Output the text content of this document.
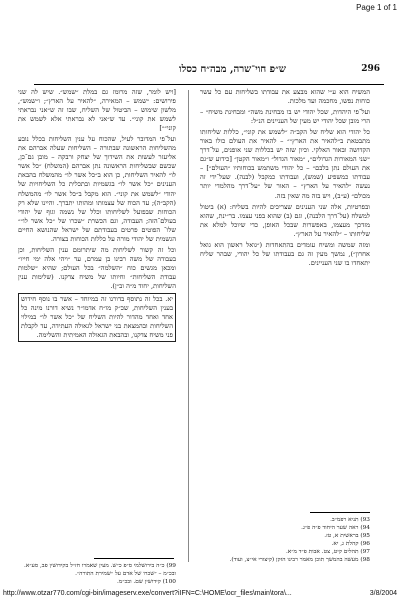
Page 1 of 1
296
ש״פ חוי־שרה, מבה״ח כסלו

המשיח הוא ע״י שהוא מבצע את עבודתו בשליחות עם כל עשר כוחות נפשו, מחכמה ועד מלכות.

ועל־פי היהדות, שכל יהודי יש בו מבחינת משה״ ומבחינת משיח״ – הרי מובן שכל יהודי יש מעין של העניינים הנ״ל:

כל יהודי הוא שליח של הקב״ה ״לשמש את קוני״, כללות שליחותו מתבטאת ב״להאיר את הארץ״״ – להאיר את העולם כולו באור הקדושה ובאור האלקי. וכיון שזה יש בכללות שני אופנים, על־דרך ״שני המאורות הגדולים״, ״מאור הגדול״ ו״מאור הקטן״ [כידוע ש״גם את העולם נתן בלבם״ – כל יהודי משתמש בכוחותיו ״העולם״] – עבודתו כמשפיע (שמש), ועבודתו כמקבל (לבנה). שעל־ידי זה נעשה ״להאיר על הארץ״ – האור של ״על־דרך מהלמדי יותר מכולם״ (ע״ב), ויש בזה מה שאין בזה.

ובפרטיות, אלה שני הענינים שצריכים להיות בשליח: (א) ביטול למשלח (על־דרך הלבנה), וגם (ב) שהוא בפני עצמו. בר״ינת, שהוא מזדכך מעצמו, באפשרות שבכל האופן, כדי שיוכל למלא את שליחותו – ״להאיר על הארץ״.

ומזה שמשה ומשיח עומדים בהתאחדות (״גואל ראשון הוא גואל אחרון״), נמשך מעין זה גם בעבודתו של כל יהודי, שבהר שליח יתאחדו בו שני העניינים.

[ויש לומר, שזה מרומז גם במלת ״שמש״. שיש לה שני פירושים: ״שמש – המאירה, ״להאיר על הארץ״; ו״שמש״, מלשון שימוש – הביטול של השליח, שבו זה ש״אני נבראתי לשמש את קוני״. עד ש״אני לא נבראתי אלא לשמש את קוני״״]

ועל־פי המדובר לעיל, שהכוח על ענין השליחות בכלל נובע מהשליחות הראשונה שבתורה – השליחות שעלה אברהם את אליעזר לעשות את השידוך של יצחק ורבקה – מובן גם־כן, שכשם שבשליחות הראשונה נתן אברהם (המשלח) ״כל אשר לו״ להאיר השליחות, כן הוא ב״כל אשר לו״ מהמשלח בהבאת הענינים ״כל אשר לו״ בגשמיות ובתכלית כל השליחויות של יהודי ״לשמש את קוני״. הוא מקבל ב״כל אשר לו״ מהמשלח (הקב״ה); עד הכוח של עצמותו ומהותו יתברך. והיינו שלא רק הכוחות שבפועל לשליחותו וכלל של נשמה וגוף של יהודי בעולם־הזה; העבודה, וגם הכשרת ״שכרו של ״כל אשר לו״״ שלו־ הפוטים פרטים בעבודתם של ישראל שהנושא החיים הגשמית של יהודי מורה על כללות הכוחות בצורה.

וכל זה קשור לשליחות מה שיתרומם ענין השליחות, וכן בעבודה של משה רבינו בן עמרם, עד ״ויהי אלה ימי חייו״ ומכאן מגשים כוח ״השלמה״ בכל העולם; שהיא ״שלמות עבודת השליחות״ וחיותו של משיח צדקנו. (שלימות ענין השליחות, יחוד מ״ה וב״ן).

יא. בכל זה נתוסף בדורנו זה במיוחד – אשר בו נוסף חידוש בענין השליחות, שכ״ק מו״ח אדמו״ר נשיא דורנו מינה כל אחד ואחד מהדור להיות השליח של ״כל אשר לו״ במילוי השליחות ובהמצאת בני ישראל לגאולה העתידה, עד לקבלת פני משיח צדקנו, ובהבאת הגאולה האמיתית והשלימה.
93) תניא רפמ״ב.
94) ראה שער היחוד פ״ה פ״ג.
95) בראשית א, טז.
96) קהלת ג, יא.
97) תהלים קיט, צט. אבות פ״ד מ״א.
98) מעשה בהמשך תוכן מאמר רבינו הזקן (קיצורי אי״צ, ועוד).
99) כ״ה בירושלמי ס״פ כ״ש. מעין שאמרו חז״ל בקידושין פב, סע״א. ובכ״מ – ״שכרו של אדם על ״שמירת התורה״.
100) קידושין שם. ובכ״מ.
http://www.otzar770.com/cgi-bin/imageserv.exe/convert?iIFN=C:\HOME\ocr_files\main\tora\...	3/8/2004
